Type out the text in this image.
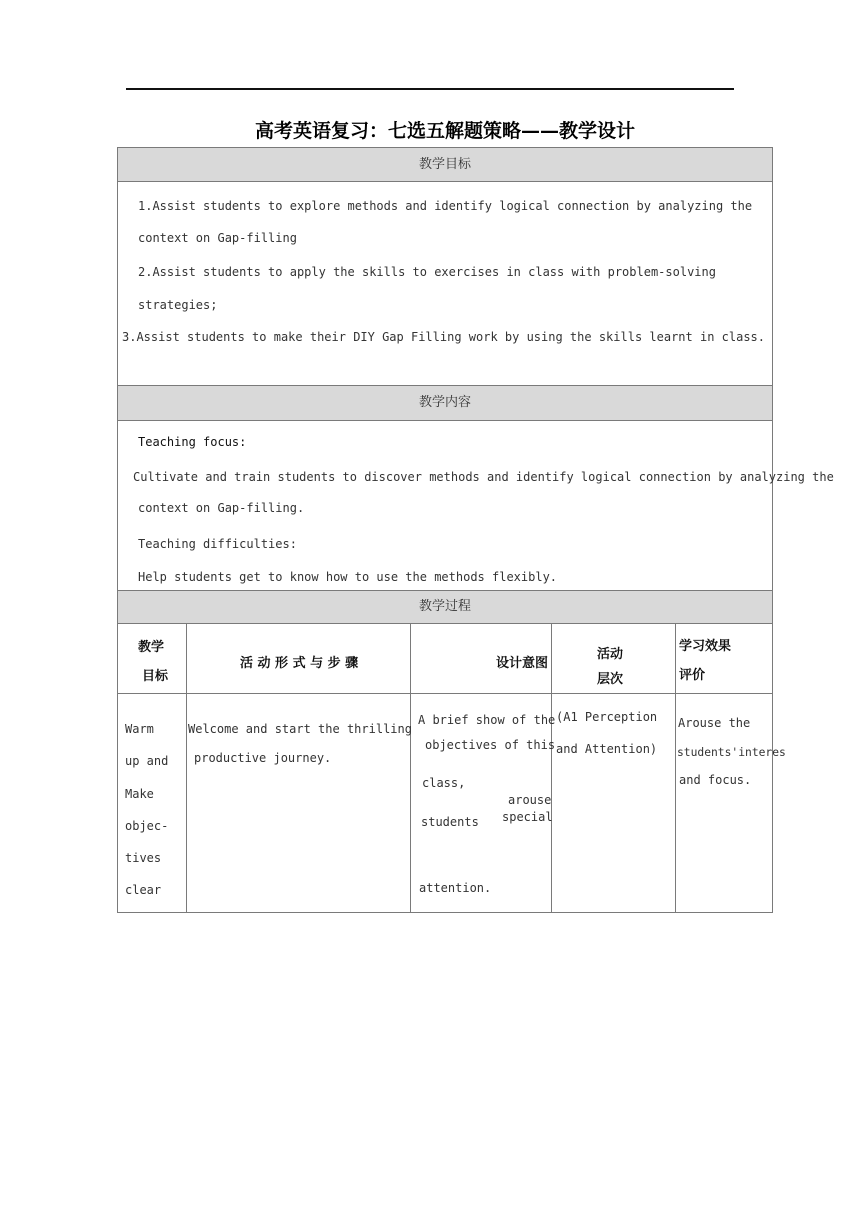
高考英语复习：七选五解题策略——教学设计
教学目标
1.Assist students to explore methods and identify logical connection by analyzing the
context on Gap-filling
2.Assist students to apply the skills to exercises in class with problem-solving
strategies;
3.Assist students to make their DIY Gap Filling work by using the skills learnt in class.
教学内容
Teaching focus:
Cultivate and train students to discover methods and identify logical connection by analyzing the
context on Gap-filling.
Teaching difficulties:
Help students get to know how to use the methods flexibly.
教学过程
教学
目标
活 动 形 式 与 步 骤	设计意图
活动
层次
学习效果
评价
Warm
up and
Make
objec-
tives
clear
Welcome and start the thrilling
productive journey.
A brief show of the
objectives of this
class,
arouse
students special
attention.
(A1 Perception
and Attention)
Arouse the
students'interes
and focus.
